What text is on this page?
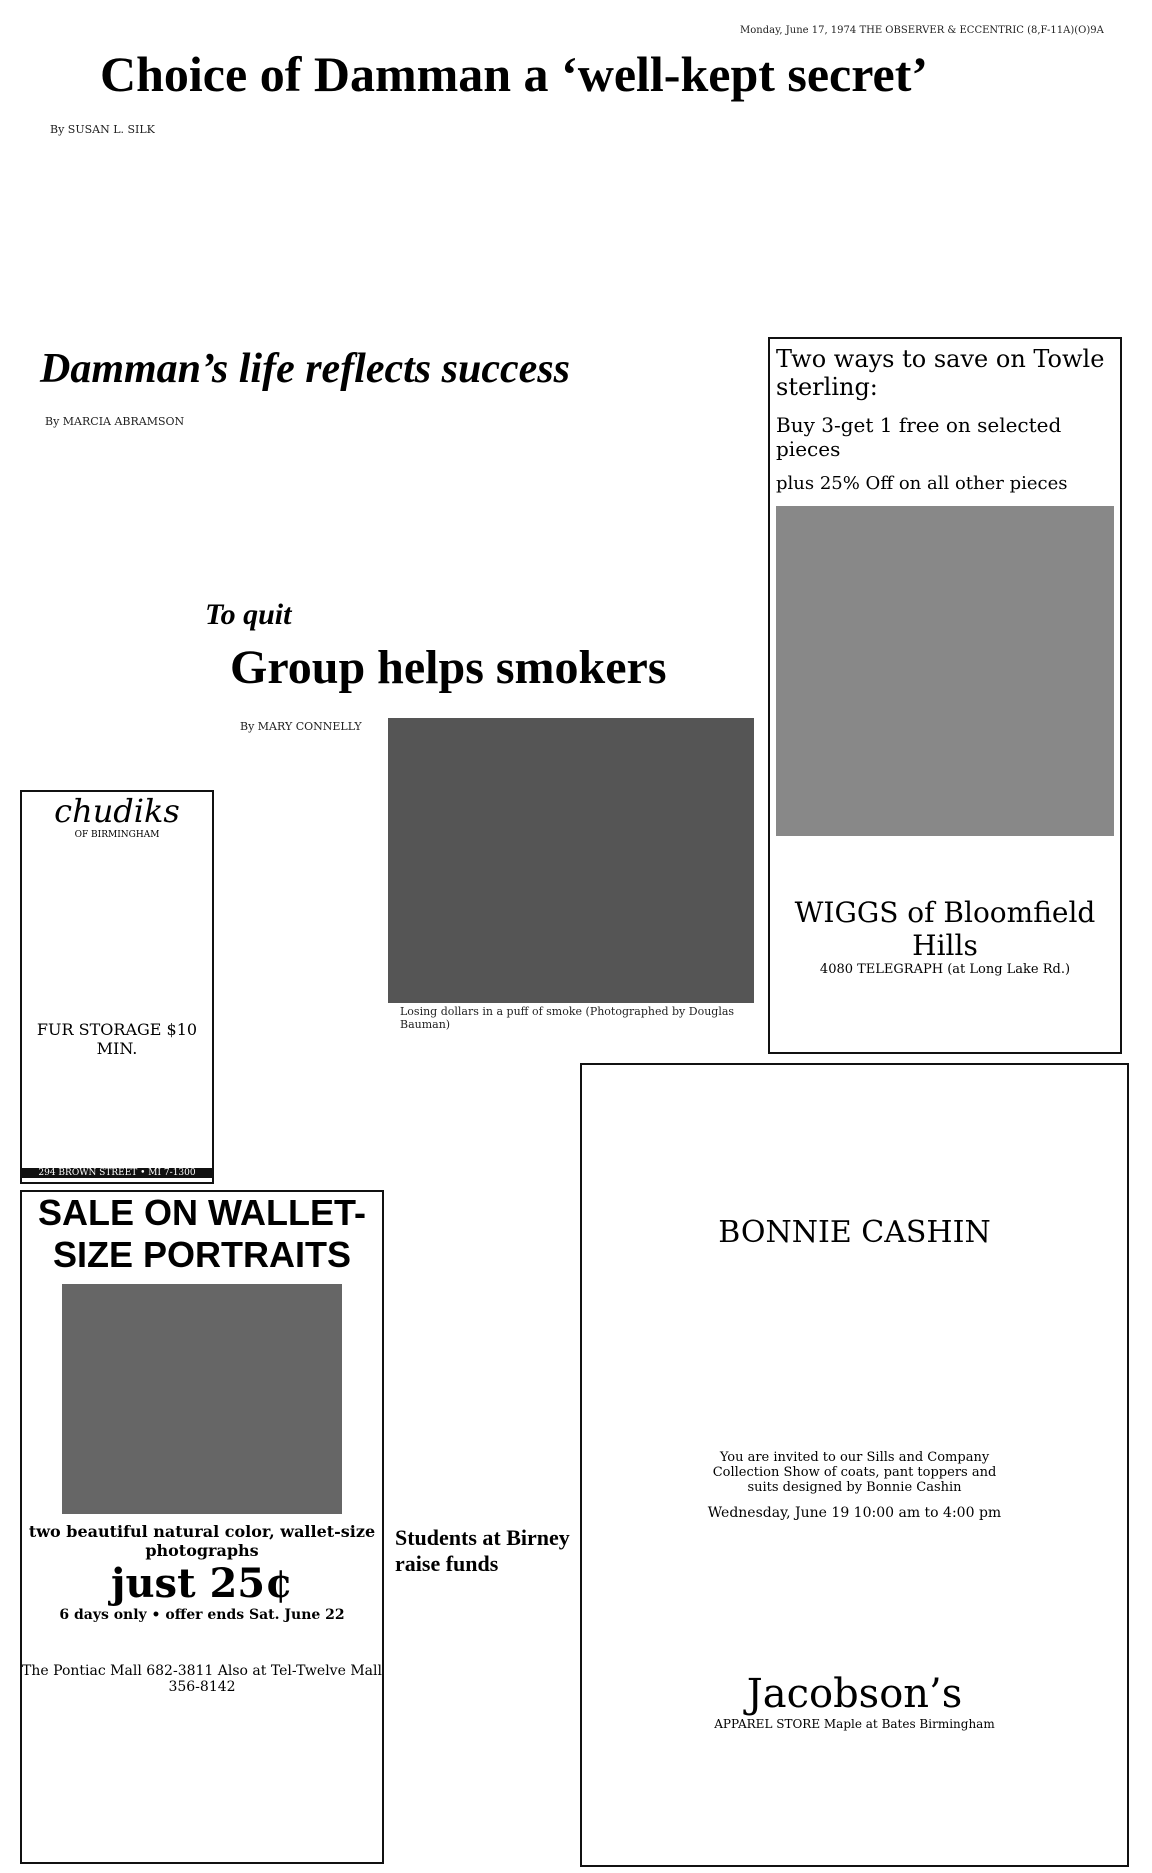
Monday, June 17, 1974 THE OBSERVER & ECCENTRIC (8,F-11A)(O)9A
Choice of Damman a ‘well-kept secret’
By SUSAN L. SILK
Damman’s life reflects success
By MARCIA ABRAMSON
To quit
Group helps smokers
By MARY CONNELLY
Losing dollars in a puff of smoke (Photographed by Douglas Bauman)
Students at Birney raise funds
Two ways to save on Towle sterling:
Buy 3-get 1 free on selected pieces
plus 25% Off on all other pieces
WIGGS of Bloomfield Hills
4080 TELEGRAPH (at Long Lake Rd.)
chudiks
OF BIRMINGHAM
FUR STORAGE $10 MIN.
294 BROWN STREET • MI 7-1300
SALE ON WALLET-SIZE PORTRAITS
two beautiful natural color, wallet-size photographs
just 25¢
6 days only • offer ends Sat. June 22
The Pontiac Mall 682-3811 Also at Tel-Twelve Mall 356-8142
BONNIE CASHIN
You are invited to our Sills and Company Collection Show of coats, pant toppers and suits designed by Bonnie Cashin
Wednesday, June 19 10:00 am to 4:00 pm
Jacobson’s
APPAREL STORE Maple at Bates Birmingham
